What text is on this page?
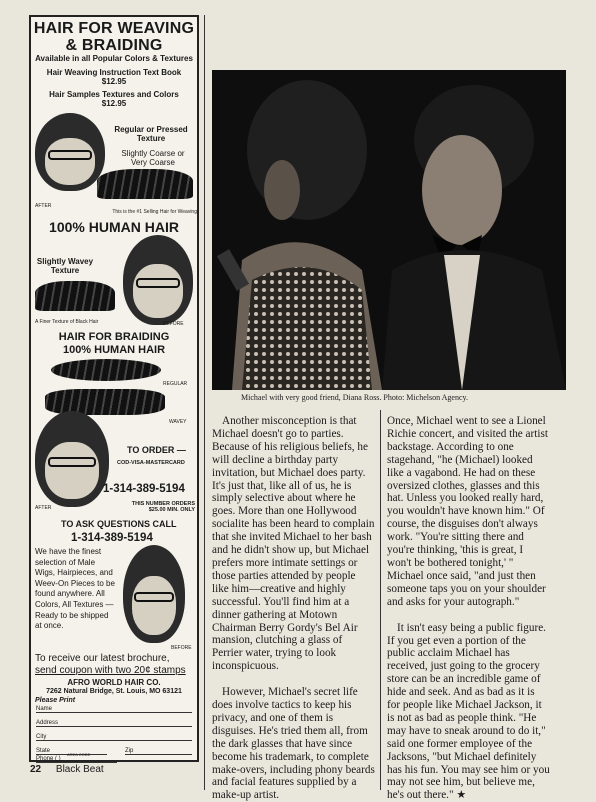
HAIR FOR WEAVING & BRAIDING
Available in all Popular Colors & Textures
Hair Weaving Instruction Text Book
$12.95
Hair Samples Textures and Colors
$12.95
Regular or Pressed Texture
Slightly Coarse or Very Coarse
AFTER
This is the #1 Selling Hair for Weaving
100% HUMAN HAIR
Slightly Wavey Texture
A Finer Texture of Black Hair	BEFORE
HAIR FOR BRAIDING
100% HUMAN HAIR
REGULAR
WAVEY
TO ORDER —
COD-VISA-MASTERCARD
1-314-389-5194
THIS NUMBER ORDERS $25.00 MIN. ONLY
AFTER
TO ASK QUESTIONS CALL
1-314-389-5194
We have the finest selection of Male Wigs, Hairpieces, and Weev-On Pieces to be found anywhere. All Colors, All Textures — Ready to be shipped at once.
BEFORE
To receive our latest brochure,
send coupon with two 20¢ stamps
AFRO WORLD HAIR CO.
7262 Natural Bridge, St. Louis, MO 63121
Please Print
Name
Address
City
State	Zip
AREA CODE
Phone ( )
Michael with very good friend, Diana Ross. Photo: Michelson Agency.

Another misconception is that Michael doesn't go to parties. Because of his religious beliefs, he will decline a birthday party invitation, but Michael does party. It's just that, like all of us, he is simply selective about where he goes. More than one Hollywood socialite has been heard to complain that she invited Michael to her bash and he didn't show up, but Michael prefers more intimate settings or those parties attended by people like him—creative and highly successful. You'll find him at a dinner gathering at Motown Chairman Berry Gordy's Bel Air mansion, clutching a glass of Perrier water, trying to look inconspicuous.

However, Michael's secret life does involve tactics to keep his privacy, and one of them is disguises. He's tried them all, from the dark glasses that have since become his trademark, to complete make-overs, including phony beards and facial features supplied by a make-up artist.

Once, Michael went to see a Lionel Richie concert, and visited the artist backstage. According to one stagehand, "he (Michael) looked like a vagabond. He had on these oversized clothes, glasses and this hat. Unless you looked really hard, you wouldn't have known him." Of course, the disguises don't always work. "You're sitting there and you're thinking, 'this is great, I won't be bothered tonight,' " Michael once said, "and just then someone taps you on your shoulder and asks for your autograph."

It isn't easy being a public figure. If you get even a portion of the public acclaim Michael has received, just going to the grocery store can be an incredible game of hide and seek. And as bad as it is for people like Michael Jackson, it is not as bad as people think. "He may have to sneak around to do it," said one former employee of the Jacksons, "but Michael definitely has his fun. You may see him or you may not see him, but believe me, he's out there." ★

22 Black Beat
